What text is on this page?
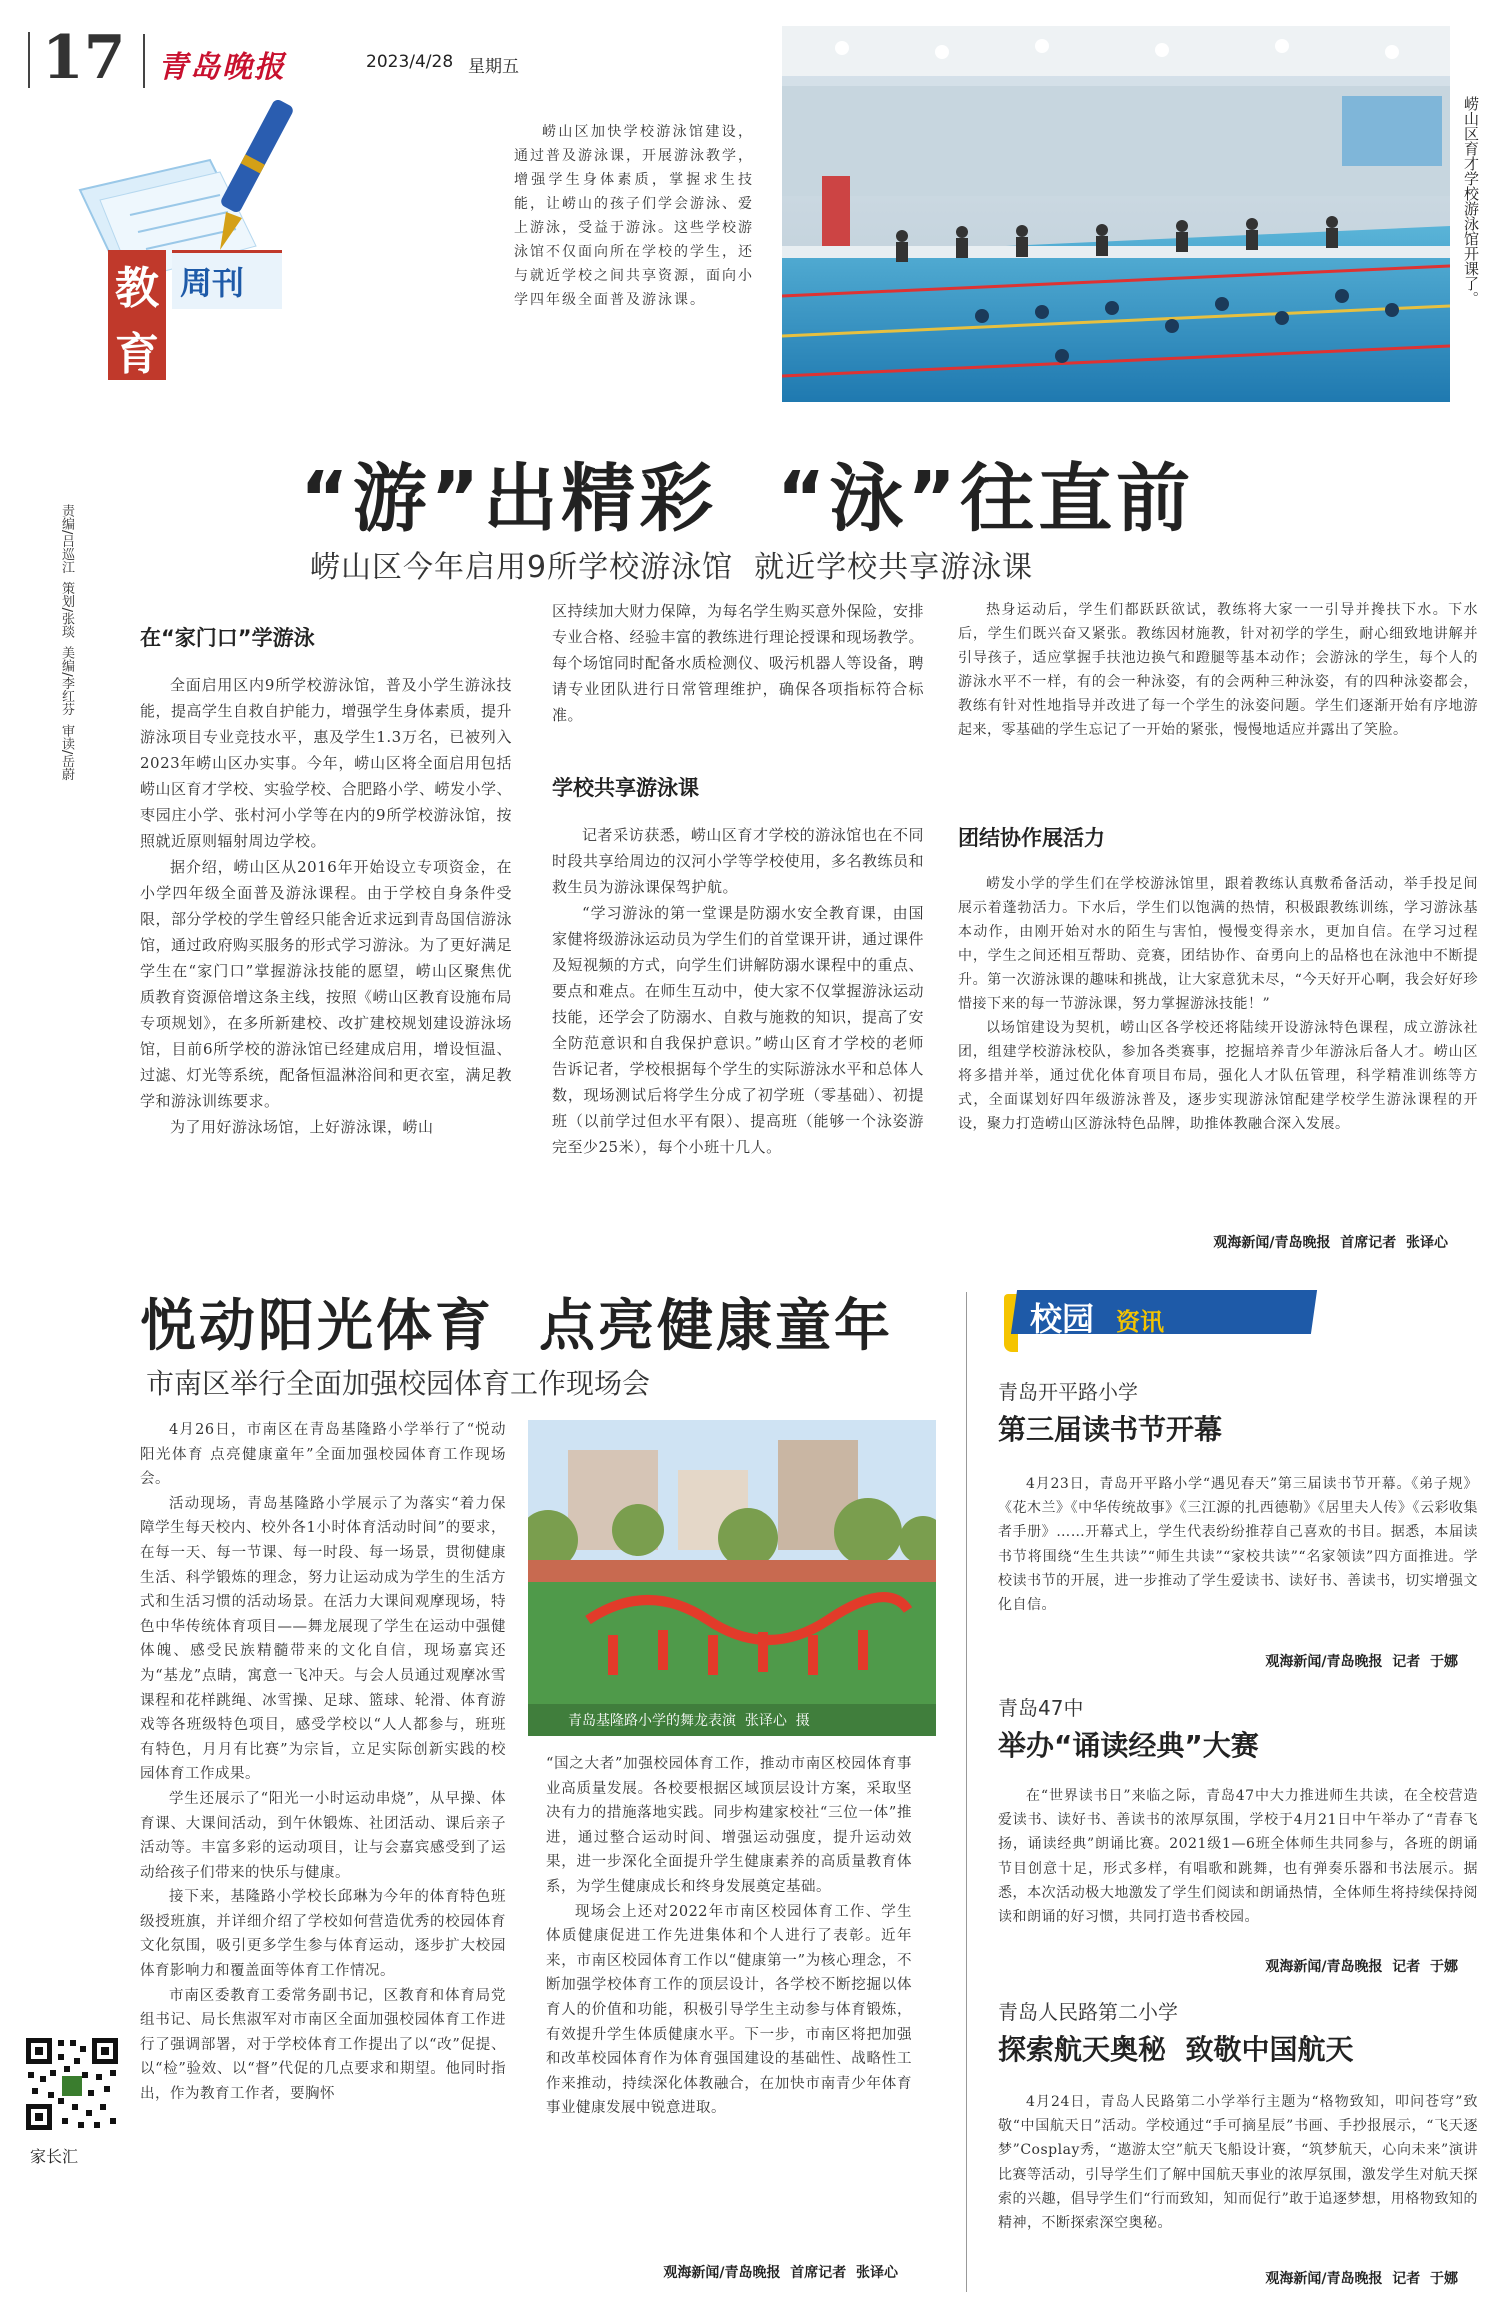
17 青岛晚报	2023/4/28 星期五
教
育
周刊
崂山区加快学校游泳馆建设，通过普及游泳课，开展游泳教学，增强学生身体素质，掌握求生技能，让崂山的孩子们学会游泳、爱上游泳，受益于游泳。这些学校游泳馆不仅面向所在学校的学生，还与就近学校之间共享资源，面向小学四年级全面普及游泳课。	崂山区育才学校游泳馆开课了。
“游”出精彩  “泳”往直前
崂山区今年启用9所学校游泳馆  就近学校共享游泳课
责编/吕巡江  策划/张琰  美编/李红芬  审读/岳蔚	在“家门口”学游泳

全面启用区内9所学校游泳馆，普及小学生游泳技能，提高学生自救自护能力，增强学生身体素质，提升游泳项目专业竞技水平，惠及学生1.3万名，已被列入2023年崂山区办实事。今年，崂山区将全面启用包括崂山区育才学校、实验学校、合肥路小学、崂发小学、枣园庄小学、张村河小学等在内的9所学校游泳馆，按照就近原则辐射周边学校。

据介绍，崂山区从2016年开始设立专项资金，在小学四年级全面普及游泳课程。由于学校自身条件受限，部分学校的学生曾经只能舍近求远到青岛国信游泳馆，通过政府购买服务的形式学习游泳。为了更好满足学生在“家门口”掌握游泳技能的愿望，崂山区聚焦优质教育资源倍增这条主线，按照《崂山区教育设施布局专项规划》，在多所新建校、改扩建校规划建设游泳场馆，目前6所学校的游泳馆已经建成启用，增设恒温、过滤、灯光等系统，配备恒温淋浴间和更衣室，满足教学和游泳训练要求。

为了用好游泳场馆，上好游泳课，崂山

区持续加大财力保障，为每名学生购买意外保险，安排专业合格、经验丰富的教练进行理论授课和现场教学。每个场馆同时配备水质检测仪、吸污机器人等设备，聘请专业团队进行日常管理维护，确保各项指标符合标准。

学校共享游泳课

记者采访获悉，崂山区育才学校的游泳馆也在不同时段共享给周边的汉河小学等学校使用，多名教练员和救生员为游泳课保驾护航。

“学习游泳的第一堂课是防溺水安全教育课，由国家健将级游泳运动员为学生们的首堂课开讲，通过课件及短视频的方式，向学生们讲解防溺水课程中的重点、要点和难点。在师生互动中，使大家不仅掌握游泳运动技能，还学会了防溺水、自救与施救的知识，提高了安全防范意识和自我保护意识。”崂山区育才学校的老师告诉记者，学校根据每个学生的实际游泳水平和总体人数，现场测试后将学生分成了初学班（零基础）、初提班（以前学过但水平有限）、提高班（能够一个泳姿游完至少25米），每个小班十几人。

热身运动后，学生们都跃跃欲试，教练将大家一一引导并搀扶下水。下水后，学生们既兴奋又紧张。教练因材施教，针对初学的学生，耐心细致地讲解并引导孩子，适应掌握手扶池边换气和蹬腿等基本动作；会游泳的学生，每个人的游泳水平不一样，有的会一种泳姿，有的会两种三种泳姿，有的四种泳姿都会，教练有针对性地指导并改进了每一个学生的泳姿问题。学生们逐渐开始有序地游起来，零基础的学生忘记了一开始的紧张，慢慢地适应并露出了笑脸。

团结协作展活力

崂发小学的学生们在学校游泳馆里，跟着教练认真敷希备活动，举手投足间展示着蓬勃活力。下水后，学生们以饱满的热情，积极跟教练训练，学习游泳基本动作，由刚开始对水的陌生与害怕，慢慢变得亲水，更加自信。在学习过程中，学生之间还相互帮助、竞赛，团结协作、奋勇向上的品格也在泳池中不断提升。第一次游泳课的趣味和挑战，让大家意犹未尽，“今天好开心啊，我会好好珍惜接下来的每一节游泳课，努力掌握游泳技能！”

以场馆建设为契机，崂山区各学校还将陆续开设游泳特色课程，成立游泳社团，组建学校游泳校队，参加各类赛事，挖掘培养青少年游泳后备人才。崂山区将多措并举，通过优化体育项目布局，强化人才队伍管理，科学精准训练等方式，全面谋划好四年级游泳普及，逐步实现游泳馆配建学校学生游泳课程的开设，聚力打造崂山区游泳特色品牌，助推体教融合深入发展。

观海新闻/青岛晚报  首席记者  张译心
悦动阳光体育  点亮健康童年
市南区举行全面加强校园体育工作现场会

4月26日，市南区在青岛基隆路小学举行了“悦动阳光体育 点亮健康童年”全面加强校园体育工作现场会。

活动现场，青岛基隆路小学展示了为落实“着力保障学生每天校内、校外各1小时体育活动时间”的要求，在每一天、每一节课、每一时段、每一场景，贯彻健康生活、科学锻炼的理念，努力让运动成为学生的生活方式和生活习惯的活动场景。在活力大课间观摩现场，特色中华传统体育项目——舞龙展现了学生在运动中强健体魄、感受民族精髓带来的文化自信，现场嘉宾还为“基龙”点睛，寓意一飞冲天。与会人员通过观摩冰雪课程和花样跳绳、冰雪操、足球、篮球、轮滑、体育游戏等各班级特色项目，感受学校以“人人都参与，班班有特色，月月有比赛”为宗旨，立足实际创新实践的校园体育工作成果。

学生还展示了“阳光一小时运动串烧”，从早操、体育课、大课间活动，到午休锻炼、社团活动、课后亲子活动等。丰富多彩的运动项目，让与会嘉宾感受到了运动给孩子们带来的快乐与健康。

接下来，基隆路小学校长邱琳为今年的体育特色班级授班旗，并详细介绍了学校如何营造优秀的校园体育文化氛围，吸引更多学生参与体育运动，逐步扩大校园体育影响力和覆盖面等体育工作情况。

市南区委教育工委常务副书记，区教育和体育局党组书记、局长焦淑军对市南区全面加强校园体育工作进行了强调部署，对于学校体育工作提出了以“改”促提、以“检”验效、以“督”代促的几点要求和期望。他同时指出，作为教育工作者，要胸怀

青岛基隆路小学的舞龙表演  张译心  摄

“国之大者”加强校园体育工作，推动市南区校园体育事业高质量发展。各校要根据区域顶层设计方案，采取坚决有力的措施落地实践。同步构建家校社“三位一体”推进，通过整合运动时间、增强运动强度，提升运动效果，进一步深化全面提升学生健康素养的高质量教育体系，为学生健康成长和终身发展奠定基础。

现场会上还对2022年市南区校园体育工作、学生体质健康促进工作先进集体和个人进行了表彰。近年来，市南区校园体育工作以“健康第一”为核心理念，不断加强学校体育工作的顶层设计，各学校不断挖掘以体育人的价值和功能，积极引导学生主动参与体育锻炼，有效提升学生体质健康水平。下一步，市南区将把加强和改革校园体育作为体育强国建设的基础性、战略性工作来推动，持续深化体教融合，在加快市南青少年体育事业健康发展中锐意进取。

观海新闻/青岛晚报  首席记者  张译心
校园 资讯
青岛开平路小学
第三届读书节开幕
4月23日，青岛开平路小学“遇见春天”第三届读书节开幕。《弟子规》《花木兰》《中华传统故事》《三江源的扎西德勒》《居里夫人传》《云彩收集者手册》……开幕式上，学生代表纷纷推荐自己喜欢的书目。据悉，本届读书节将围绕“生生共读”“师生共读”“家校共读”“名家领读”四方面推进。学校读书节的开展，进一步推动了学生爱读书、读好书、善读书，切实增强文化自信。
观海新闻/青岛晚报  记者  于娜
青岛47中
举办“诵读经典”大赛
在“世界读书日”来临之际，青岛47中大力推进师生共读，在全校营造爱读书、读好书、善读书的浓厚氛围，学校于4月21日中午举办了“青春飞扬，诵读经典”朗诵比赛。2021级1—6班全体师生共同参与，各班的朗诵节目创意十足，形式多样，有唱歌和跳舞，也有弹奏乐器和书法展示。据悉，本次活动极大地激发了学生们阅读和朗诵热情，全体师生将持续保持阅读和朗诵的好习惯，共同打造书香校园。
观海新闻/青岛晚报  记者  于娜
青岛人民路第二小学
探索航天奥秘  致敬中国航天
4月24日，青岛人民路第二小学举行主题为“格物致知，叩问苍穹”致敬“中国航天日”活动。学校通过“手可摘星辰”书画、手抄报展示，“飞天逐梦”Cosplay秀，“遨游太空”航天飞船设计赛，“筑梦航天，心向未来”演讲比赛等活动，引导学生们了解中国航天事业的浓厚氛围，激发学生对航天探索的兴趣，倡导学生们“行而致知，知而促行”敢于追逐梦想，用格物致知的精神，不断探索深空奥秘。
观海新闻/青岛晚报  记者  于娜
家长汇
